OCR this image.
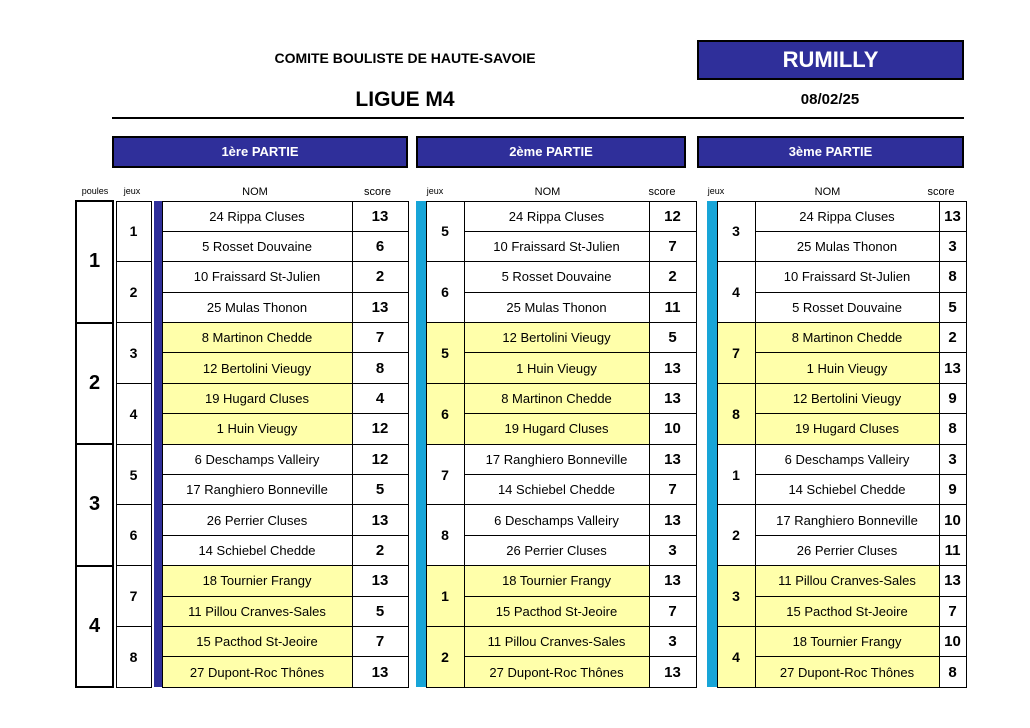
COMITE BOULISTE DE HAUTE-SAVOIE
LIGUE M4
RUMILLY
08/02/25
1ère PARTIE	2ème PARTIE	3ème PARTIE
poules	jeux	NOM	score	jeux	NOM	score	jeux	NOM	score
1		1			24 Rippa Cluses	13			5	24 Rippa Cluses	12			3	24 Rippa Cluses	13
					5 Rosset Douvaine	6				10 Fraissard St-Julien	7				25 Mulas Thonon	3
		2			10 Fraissard St-Julien	2			6	5 Rosset Douvaine	2			4	10 Fraissard St-Julien	8
					25 Mulas Thonon	13				25 Mulas Thonon	11				5 Rosset Douvaine	5
2		3			8 Martinon Chedde	7			5	12 Bertolini Vieugy	5			7	8 Martinon Chedde	2
					12 Bertolini Vieugy	8				1 Huin Vieugy	13				1 Huin Vieugy	13
		4			19 Hugard Cluses	4			6	8 Martinon Chedde	13			8	12 Bertolini Vieugy	9
					1 Huin Vieugy	12				19 Hugard Cluses	10				19 Hugard Cluses	8
3		5			6 Deschamps Valleiry	12			7	17 Ranghiero Bonneville	13			1	6 Deschamps Valleiry	3
					17 Ranghiero Bonneville	5				14 Schiebel Chedde	7				14 Schiebel Chedde	9
		6			26 Perrier Cluses	13			8	6 Deschamps Valleiry	13			2	17 Ranghiero Bonneville	10
					14 Schiebel Chedde	2				26 Perrier Cluses	3				26 Perrier Cluses	11
4		7			18 Tournier Frangy	13			1	18 Tournier Frangy	13			3	11 Pillou Cranves-Sales	13
					11 Pillou Cranves-Sales	5				15 Pacthod St-Jeoire	7				15 Pacthod St-Jeoire	7
		8			15 Pacthod St-Jeoire	7			2	11 Pillou Cranves-Sales	3			4	18 Tournier Frangy	10
					27 Dupont-Roc Thônes	13				27 Dupont-Roc Thônes	13				27 Dupont-Roc Thônes	8
